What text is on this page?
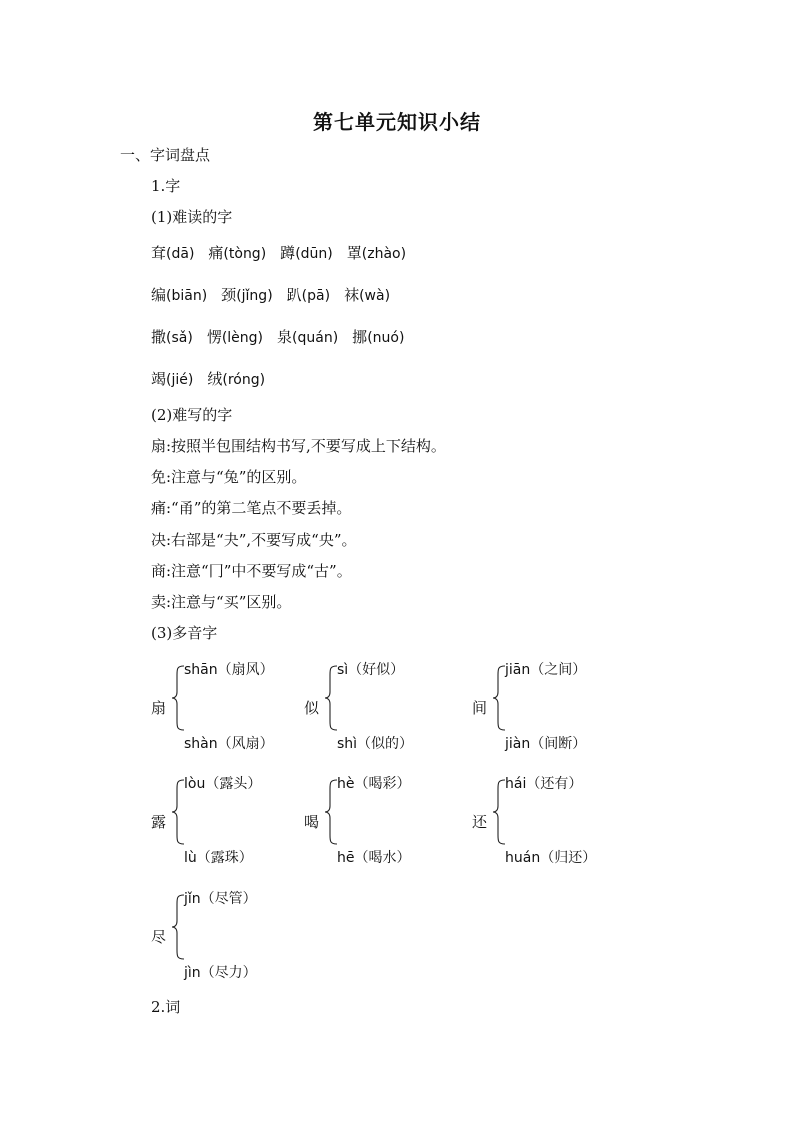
第七单元知识小结
一、字词盘点
1.字
(1)难读的字
耷(dā) 痛(tòng) 蹲(dūn) 罩(zhào)
编(biān) 颈(jǐng) 趴(pā) 袜(wà)
撒(sǎ) 愣(lèng) 泉(quán) 挪(nuó)
竭(jié) 绒(róng)
(2)难写的字
扇:按照半包围结构书写,不要写成上下结构。
免:注意与“兔”的区别。
痛:“甬”的第二笔点不要丢掉。
决:右部是“夬”,不要写成“央”。
商:注意“冂”中不要写成“古”。
卖:注意与“买”区别。
(3)多音字
扇
shān（扇风）
shàn（风扇）
似
sì（好似）
shì（似的）
间
jiān（之间）
jiàn（间断）
露
lòu（露头）
lù（露珠）
喝
hè（喝彩）
hē（喝水）
还
hái（还有）
huán（归还）
尽
jǐn（尽管）
jìn（尽力）
2.词
